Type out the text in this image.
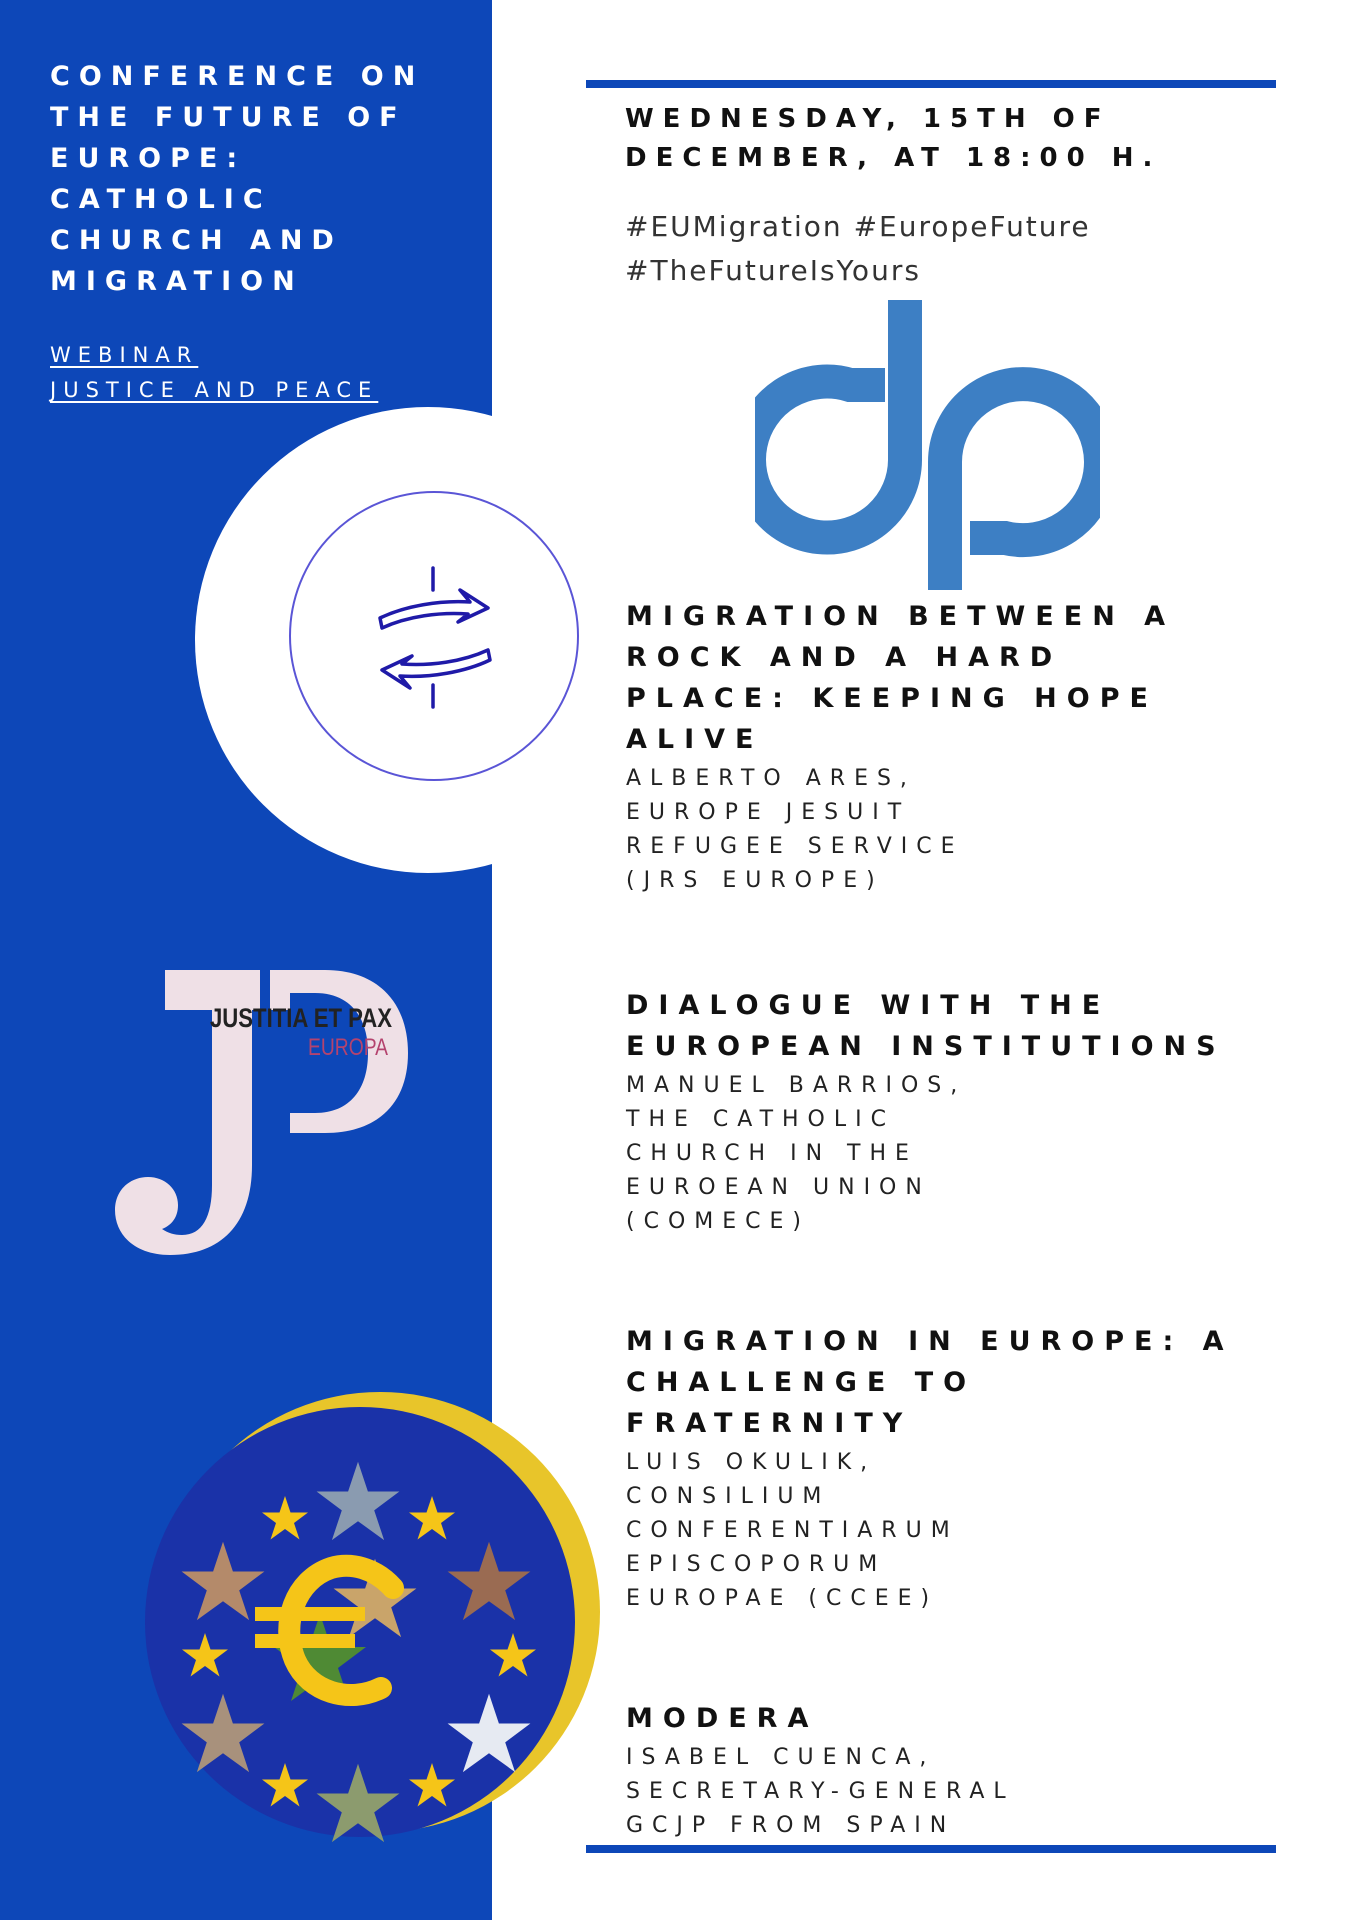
CONFERENCE ON
THE FUTURE OF
EUROPE:
CATHOLIC
CHURCH AND
MIGRATION
WEBINAR
JUSTICE AND PEACE
JUSTITIA ET PAX
EUROPA
WEDNESDAY, 15TH OF
DECEMBER, AT 18:00 H.
#EUMigration #EuropeFuture
#TheFutureIsYours
MIGRATION BETWEEN A
ROCK AND A HARD
PLACE: KEEPING HOPE
ALIVE
ALBERTO ARES,
EUROPE JESUIT
REFUGEE SERVICE
(JRS EUROPE)
DIALOGUE WITH THE
EUROPEAN INSTITUTIONS
MANUEL BARRIOS,
THE CATHOLIC
CHURCH IN THE
EUROEAN UNION
(COMECE)
MIGRATION IN EUROPE: A
CHALLENGE TO
FRATERNITY
LUIS OKULIK,
CONSILIUM
CONFERENTIARUM
EPISCOPORUM
EUROPAE (CCEE)
MODERA
ISABEL CUENCA,
SECRETARY-GENERAL
GCJP FROM SPAIN
